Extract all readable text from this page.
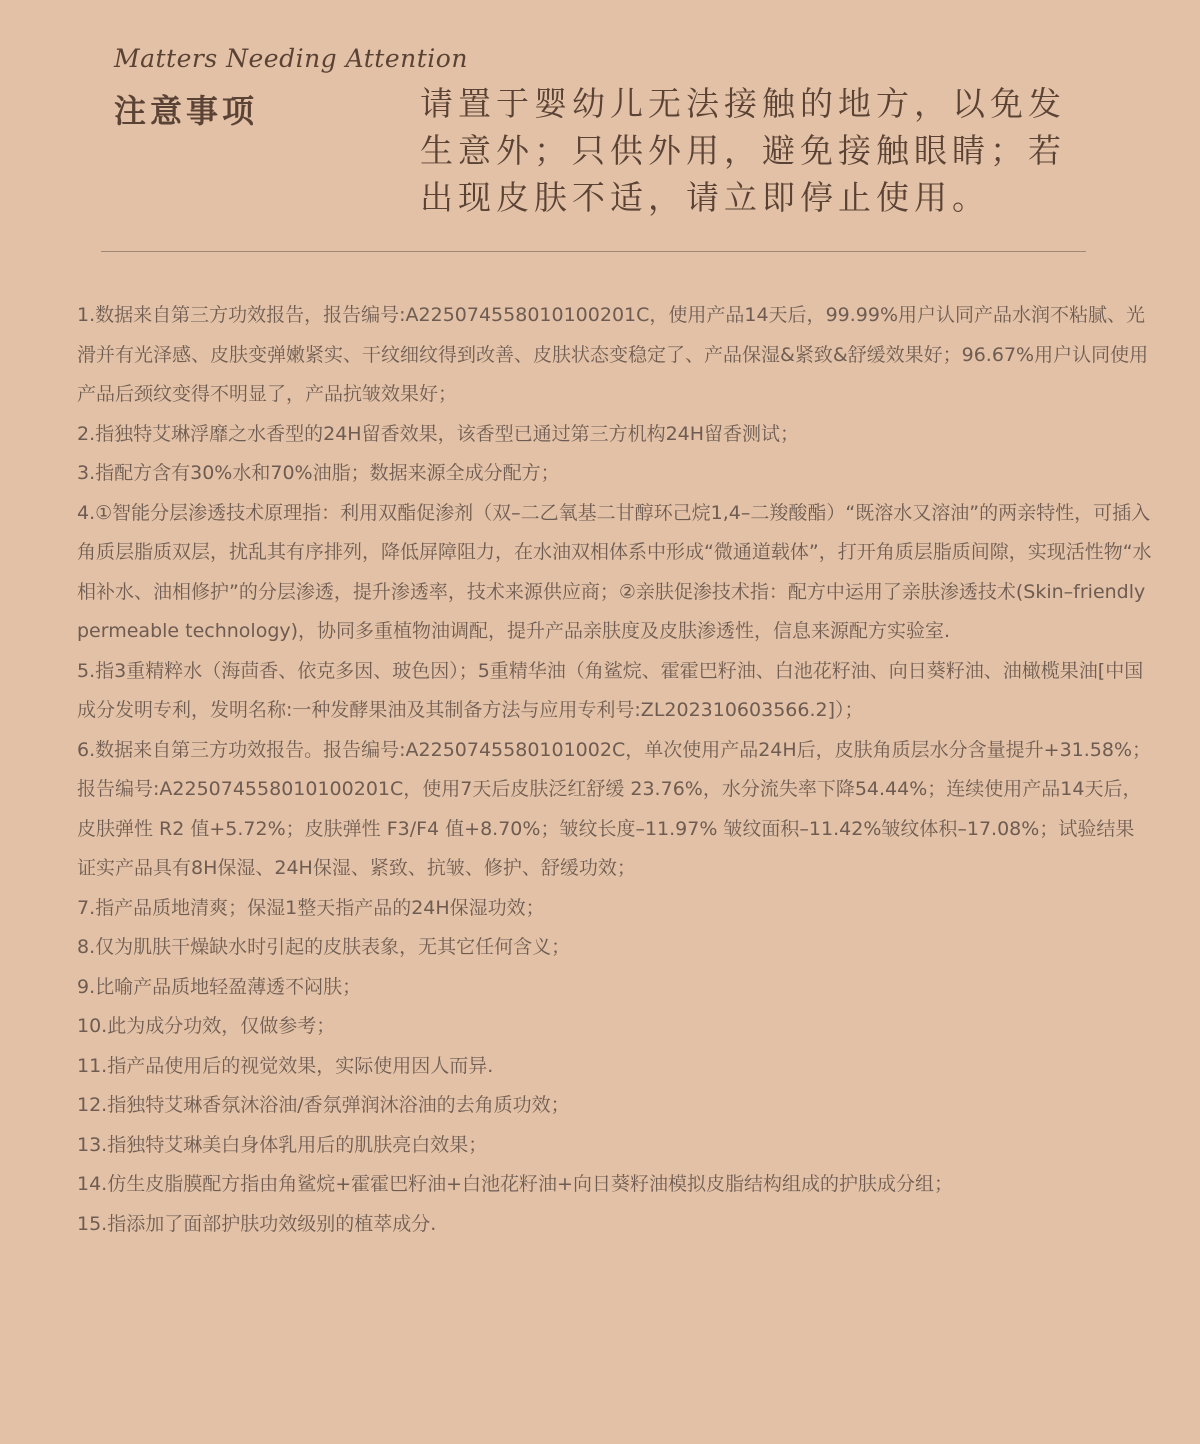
Matters Needing Attention
注意事项	请置于婴幼儿无法接触的地方，以免发生意外；只供外用，避免接触眼睛；若出现皮肤不适，请立即停止使用。

1.数据来自第三方功效报告，报告编号:A225074558010100201C，使用产品14天后，99.99%用户认同产品水润不粘腻、光滑并有光泽感、皮肤变弹嫩紧实、干纹细纹得到改善、皮肤状态变稳定了、产品保湿&紧致&舒缓效果好；96.67%用户认同使用产品后颈纹变得不明显了，产品抗皱效果好；
2.指独特艾琳浮靡之水香型的24H留香效果，该香型已通过第三方机构24H留香测试；
3.指配方含有30%水和70%油脂；数据来源全成分配方；
4.①智能分层渗透技术原理指：利用双酯促渗剂（双–二乙氧基二甘醇环己烷1,4–二羧酸酯）“既溶水又溶油”的两亲特性，可插入角质层脂质双层，扰乱其有序排列，降低屏障阻力，在水油双相体系中形成“微通道载体”，打开角质层脂质间隙，实现活性物“水相补水、油相修护”的分层渗透，提升渗透率，技术来源供应商；②亲肤促渗技术指：配方中运用了亲肤渗透技术(Skin–friendly permeable technology)，协同多重植物油调配，提升产品亲肤度及皮肤渗透性，信息来源配方实验室.
5.指3重精粹水（海茴香、依克多因、玻色因）；5重精华油（角鲨烷、霍霍巴籽油、白池花籽油、向日葵籽油、油橄榄果油[中国成分发明专利，发明名称:一种发酵果油及其制备方法与应用专利号:ZL202310603566.2]）；
6.数据来自第三方功效报告。报告编号:A2250745580101002C，单次使用产品24H后，皮肤角质层水分含量提升+31.58%；报告编号:A225074558010100201C，使用7天后皮肤泛红舒缓 23.76%，水分流失率下降54.44%；连续使用产品14天后，皮肤弹性 R2 值+5.72%；皮肤弹性 F3/F4 值+8.70%；皱纹长度–11.97% 皱纹面积–11.42%皱纹体积–17.08%；试验结果证实产品具有8H保湿、24H保湿、紧致、抗皱、修护、舒缓功效；
7.指产品质地清爽；保湿1整天指产品的24H保湿功效；
8.仅为肌肤干燥缺水时引起的皮肤表象，无其它任何含义；
9.比喻产品质地轻盈薄透不闷肤；
10.此为成分功效，仅做参考；
11.指产品使用后的视觉效果，实际使用因人而异.
12.指独特艾琳香氛沐浴油/香氛弹润沐浴油的去角质功效；
13.指独特艾琳美白身体乳用后的肌肤亮白效果；
14.仿生皮脂膜配方指由角鲨烷+霍霍巴籽油+白池花籽油+向日葵籽油模拟皮脂结构组成的护肤成分组；
15.指添加了面部护肤功效级别的植萃成分.
